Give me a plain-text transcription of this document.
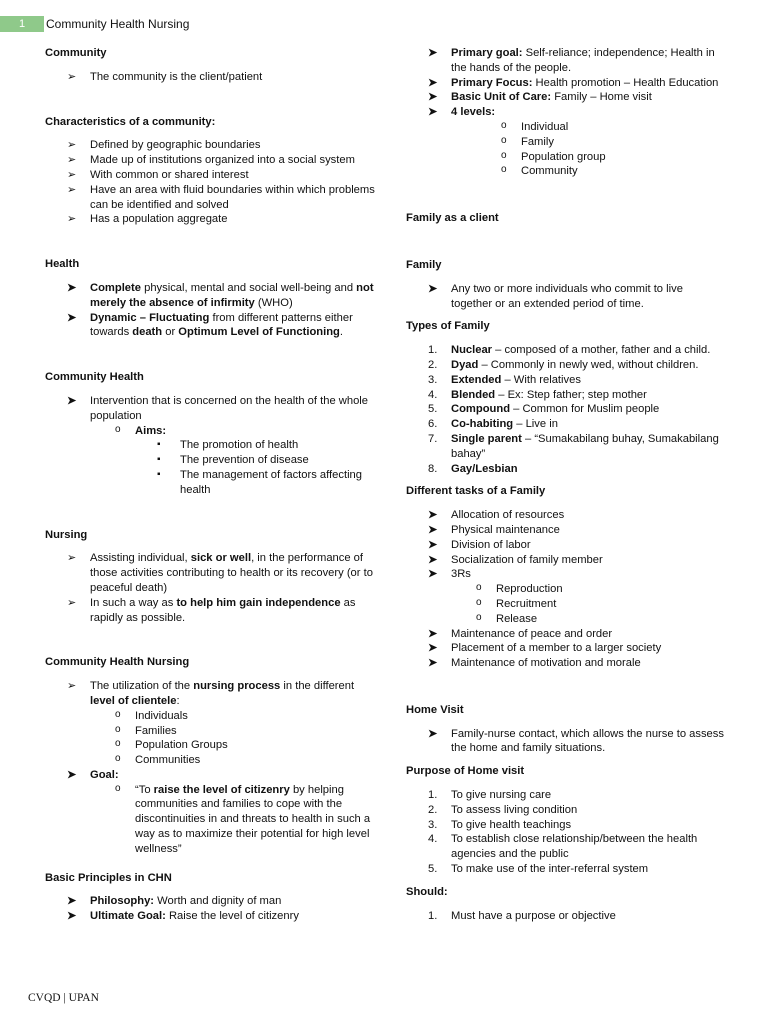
1	Community Health Nursing

Community

➢ The community is the client/patient

Characteristics of a community:

➢ Defined by geographic boundaries
➢ Made up of institutions organized into a social system
➢ With common or shared interest
➢ Have an area with fluid boundaries within which problems can be identified and solved
➢ Has a population aggregate

Health

➤ Complete physical, mental and social well-being and not merely the absence of infirmity (WHO)
➤ Dynamic – Fluctuating from different patterns either towards death or Optimum Level of Functioning.

Community Health

➤ Intervention that is concerned on the health of the whole population
o Aims:
▪ The promotion of health
▪ The prevention of disease
▪ The management of factors affecting health

Nursing

➢ Assisting individual, sick or well, in the performance of those activities contributing to health or its recovery (or to peaceful death)
➢ In such a way as to help him gain independence as rapidly as possible.

Community Health Nursing

➢ The utilization of the nursing process in the different level of clientele:
o Individuals
o Families
o Population Groups
o Communities
➤ Goal:
o “To raise the level of citizenry by helping communities and families to cope with the discontinuities in and threats to health in such a way as to maximize their potential for high level wellness”

Basic Principles in CHN

➤ Philosophy: Worth and dignity of man
➤ Ultimate Goal: Raise the level of citizenry
➤ Primary goal: Self-reliance; independence; Health in the hands of the people.
➤ Primary Focus: Health promotion – Health Education
➤ Basic Unit of Care: Family – Home visit
➤ 4 levels:
o Individual
o Family
o Population group
o Community

Family as a client

Family

➤ Any two or more individuals who commit to live together or an extended period of time.

Types of Family

1. Nuclear – composed of a mother, father and a child.
2. Dyad – Commonly in newly wed, without children.
3. Extended – With relatives
4. Blended – Ex: Step father; step mother
5. Compound – Common for Muslim people
6. Co-habiting – Live in
7. Single parent – “Sumakabilang buhay, Sumakabilang bahay”
8. Gay/Lesbian

Different tasks of a Family

➤ Allocation of resources
➤ Physical maintenance
➤ Division of labor
➤ Socialization of family member
➤ 3Rs
o Reproduction
o Recruitment
o Release
➤ Maintenance of peace and order
➤ Placement of a member to a larger society
➤ Maintenance of motivation and morale

Home Visit

➤ Family-nurse contact, which allows the nurse to assess the home and family situations.

Purpose of Home visit

1. To give nursing care
2. To assess living condition
3. To give health teachings
4. To establish close relationship/between the health agencies and the public
5. To make use of the inter-referral system

Should:

1. Must have a purpose or objective
CVQD | UPAN
